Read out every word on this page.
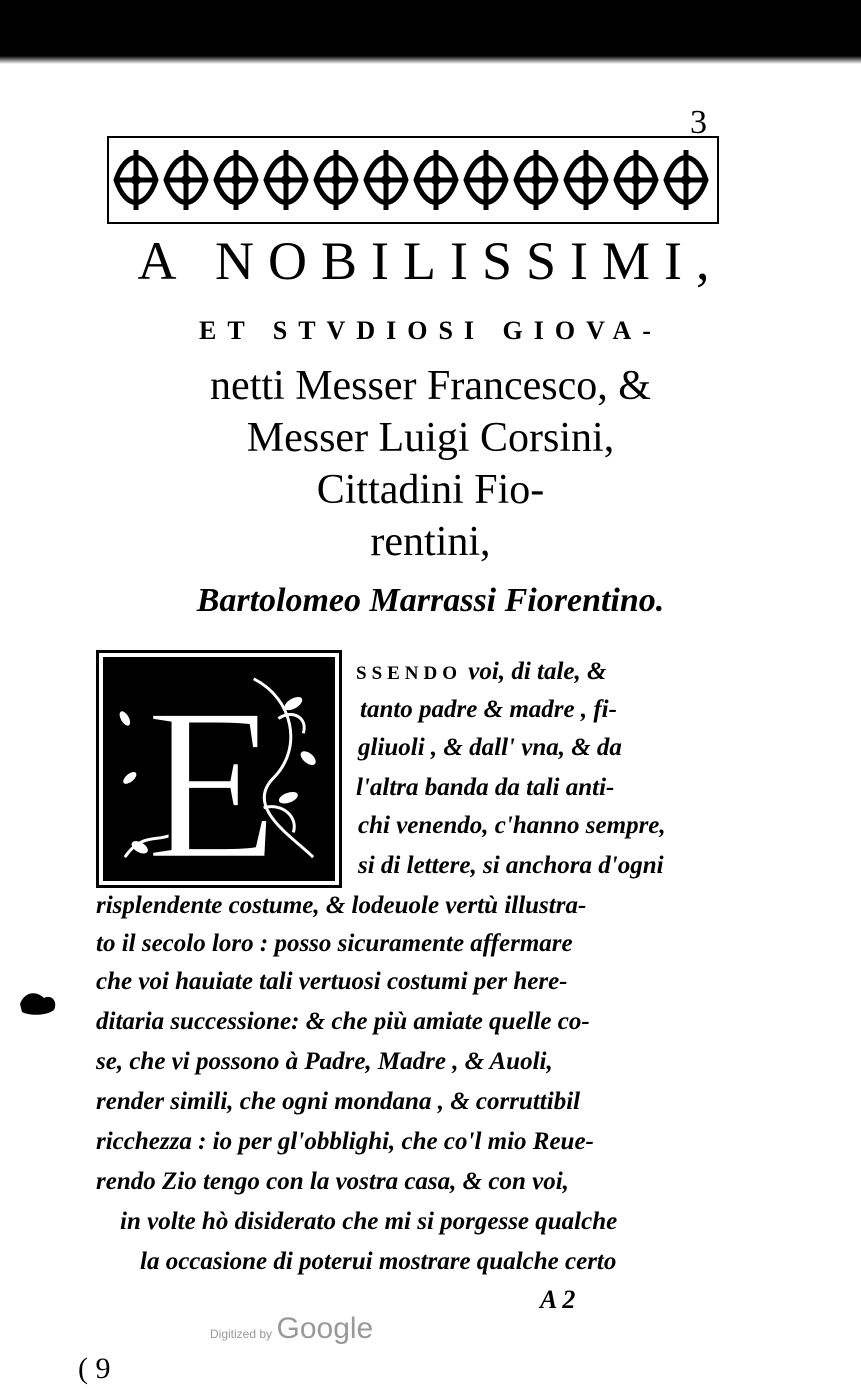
3
A NOBILISSIMI,
ET STVDIOSI GIOVA-
netti Messer Francesco, &
Messer Luigi Corsini,
Cittadini Fio-
rentini,
Bartolomeo Marrassi Fiorentino.
E	SSENDO voi, di tale, &
tanto padre & madre , fi-
gliuoli , & dall' vna, & da
l'altra banda da tali anti-
chi venendo, c'hanno sempre,
si di lettere, si anchora d'ogni
risplendente costume, & lodeuole vertù illustra-
to il secolo loro : posso sicuramente affermare
che voi hauiate tali vertuosi costumi per here-
ditaria successione: & che più amiate quelle co-
se, che vi possono à Padre, Madre , & Auoli,
render simili, che ogni mondana , & corruttibil
ricchezza : io per gl'obblighi, che co'l mio Reue-
rendo Zio tengo con la vostra casa, & con voi,
in volte hò disiderato che mi si porgesse qualche
la occasione di poterui mostrare qualche certo
A 2
Digitized by Google
( 9
